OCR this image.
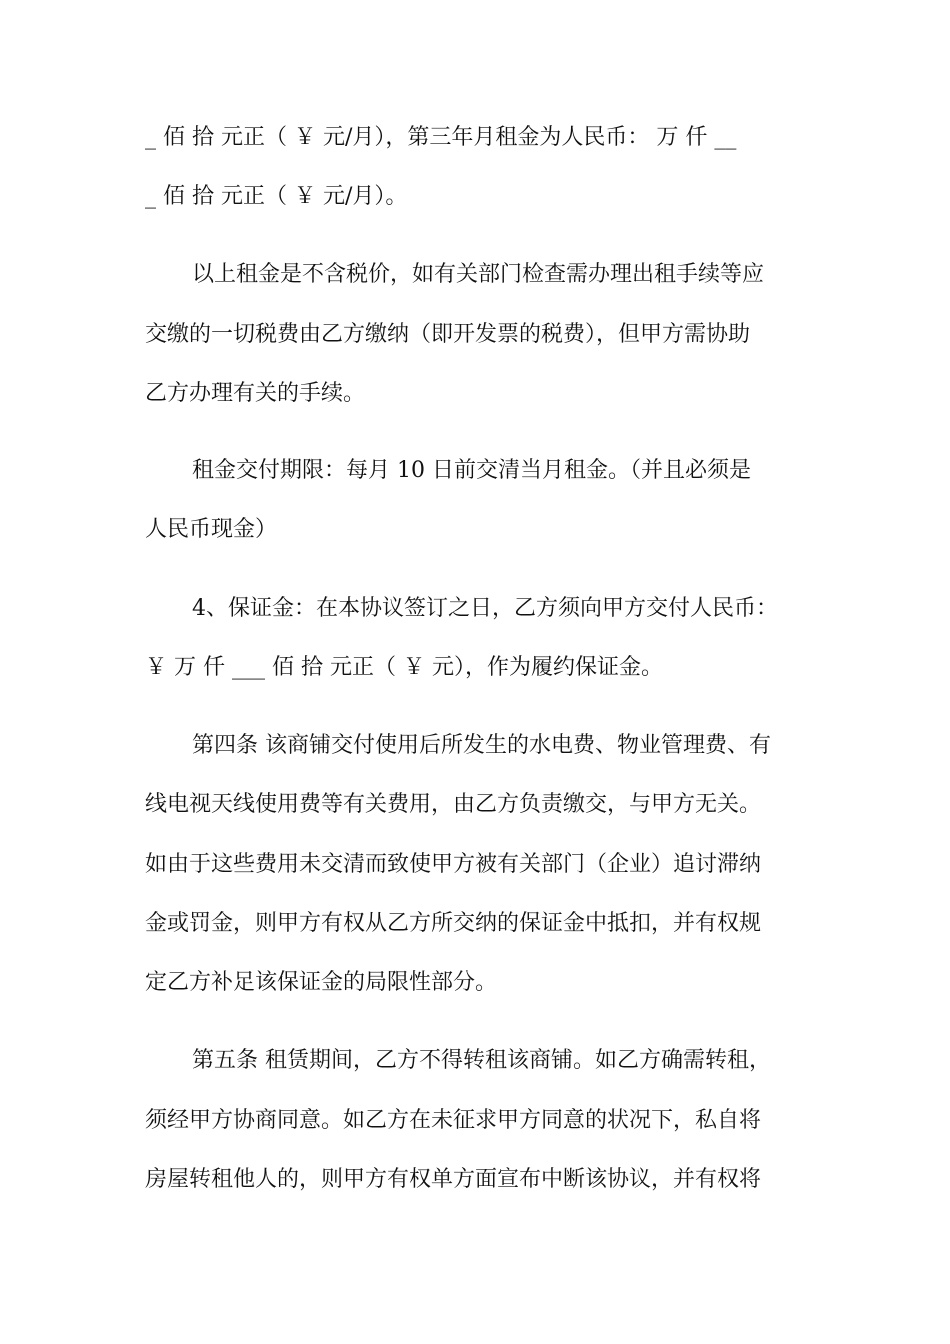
_ 佰 拾 元正（ ￥ 元/月），第三年月租金为人民币： 万 仟 __
_ 佰 拾 元正（ ￥ 元/月）。
以上租金是不含税价，如有关部门检查需办理出租手续等应
交缴的一切税费由乙方缴纳（即开发票的税费），但甲方需协助
乙方办理有关的手续。
租金交付期限：每月 10 日前交清当月租金。（并且必须是
人民币现金）
4、保证金：在本协议签订之日，乙方须向甲方交付人民币：
￥ 万 仟 ___ 佰 拾 元正（ ￥ 元），作为履约保证金。
第四条 该商铺交付使用后所发生的水电费、物业管理费、有
线电视天线使用费等有关费用，由乙方负责缴交，与甲方无关。
如由于这些费用未交清而致使甲方被有关部门（企业）追讨滞纳
金或罚金，则甲方有权从乙方所交纳的保证金中抵扣，并有权规
定乙方补足该保证金的局限性部分。
第五条 租赁期间，乙方不得转租该商铺。如乙方确需转租，
须经甲方协商同意。如乙方在未征求甲方同意的状况下，私自将
房屋转租他人的，则甲方有权单方面宣布中断该协议，并有权将
